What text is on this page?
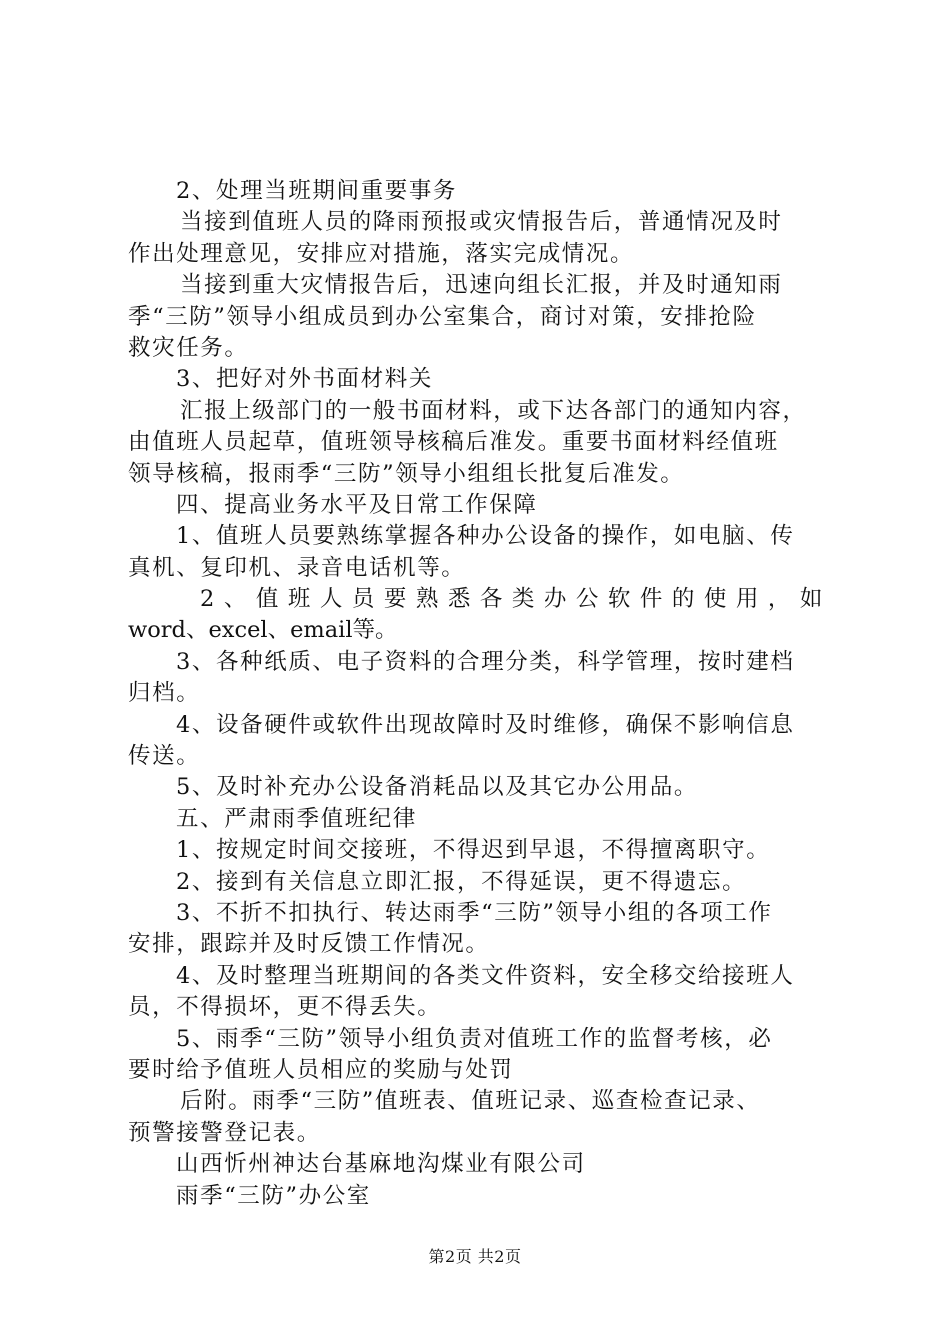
2、处理当班期间重要事务
当接到值班人员的降雨预报或灾情报告后，普通情况及时
作出处理意见，安排应对措施，落实完成情况。
当接到重大灾情报告后，迅速向组长汇报，并及时通知雨
季“三防”领导小组成员到办公室集合，商讨对策，安排抢险
救灾任务。
3、把好对外书面材料关
汇报上级部门的一般书面材料，或下达各部门的通知内容，
由值班人员起草，值班领导核稿后准发。重要书面材料经值班
领导核稿，报雨季“三防”领导小组组长批复后准发。
四、提高业务水平及日常工作保障
1、值班人员要熟练掌握各种办公设备的操作，如电脑、传
真机、复印机、录音电话机等。
2、值班人员要熟悉各类办公软件的使用，如
word、excel、email等。
3、各种纸质、电子资料的合理分类，科学管理，按时建档
归档。
4、设备硬件或软件出现故障时及时维修，确保不影响信息
传送。
5、及时补充办公设备消耗品以及其它办公用品。
五、严肃雨季值班纪律
1、按规定时间交接班，不得迟到早退，不得擅离职守。
2、接到有关信息立即汇报，不得延误，更不得遗忘。
3、不折不扣执行、转达雨季“三防”领导小组的各项工作
安排，跟踪并及时反馈工作情况。
4、及时整理当班期间的各类文件资料，安全移交给接班人
员，不得损坏，更不得丢失。
5、雨季“三防”领导小组负责对值班工作的监督考核，必
要时给予值班人员相应的奖励与处罚
后附。雨季“三防”值班表、值班记录、巡查检查记录、
预警接警登记表。
山西忻州神达台基麻地沟煤业有限公司
雨季“三防”办公室
第2页 共2页
